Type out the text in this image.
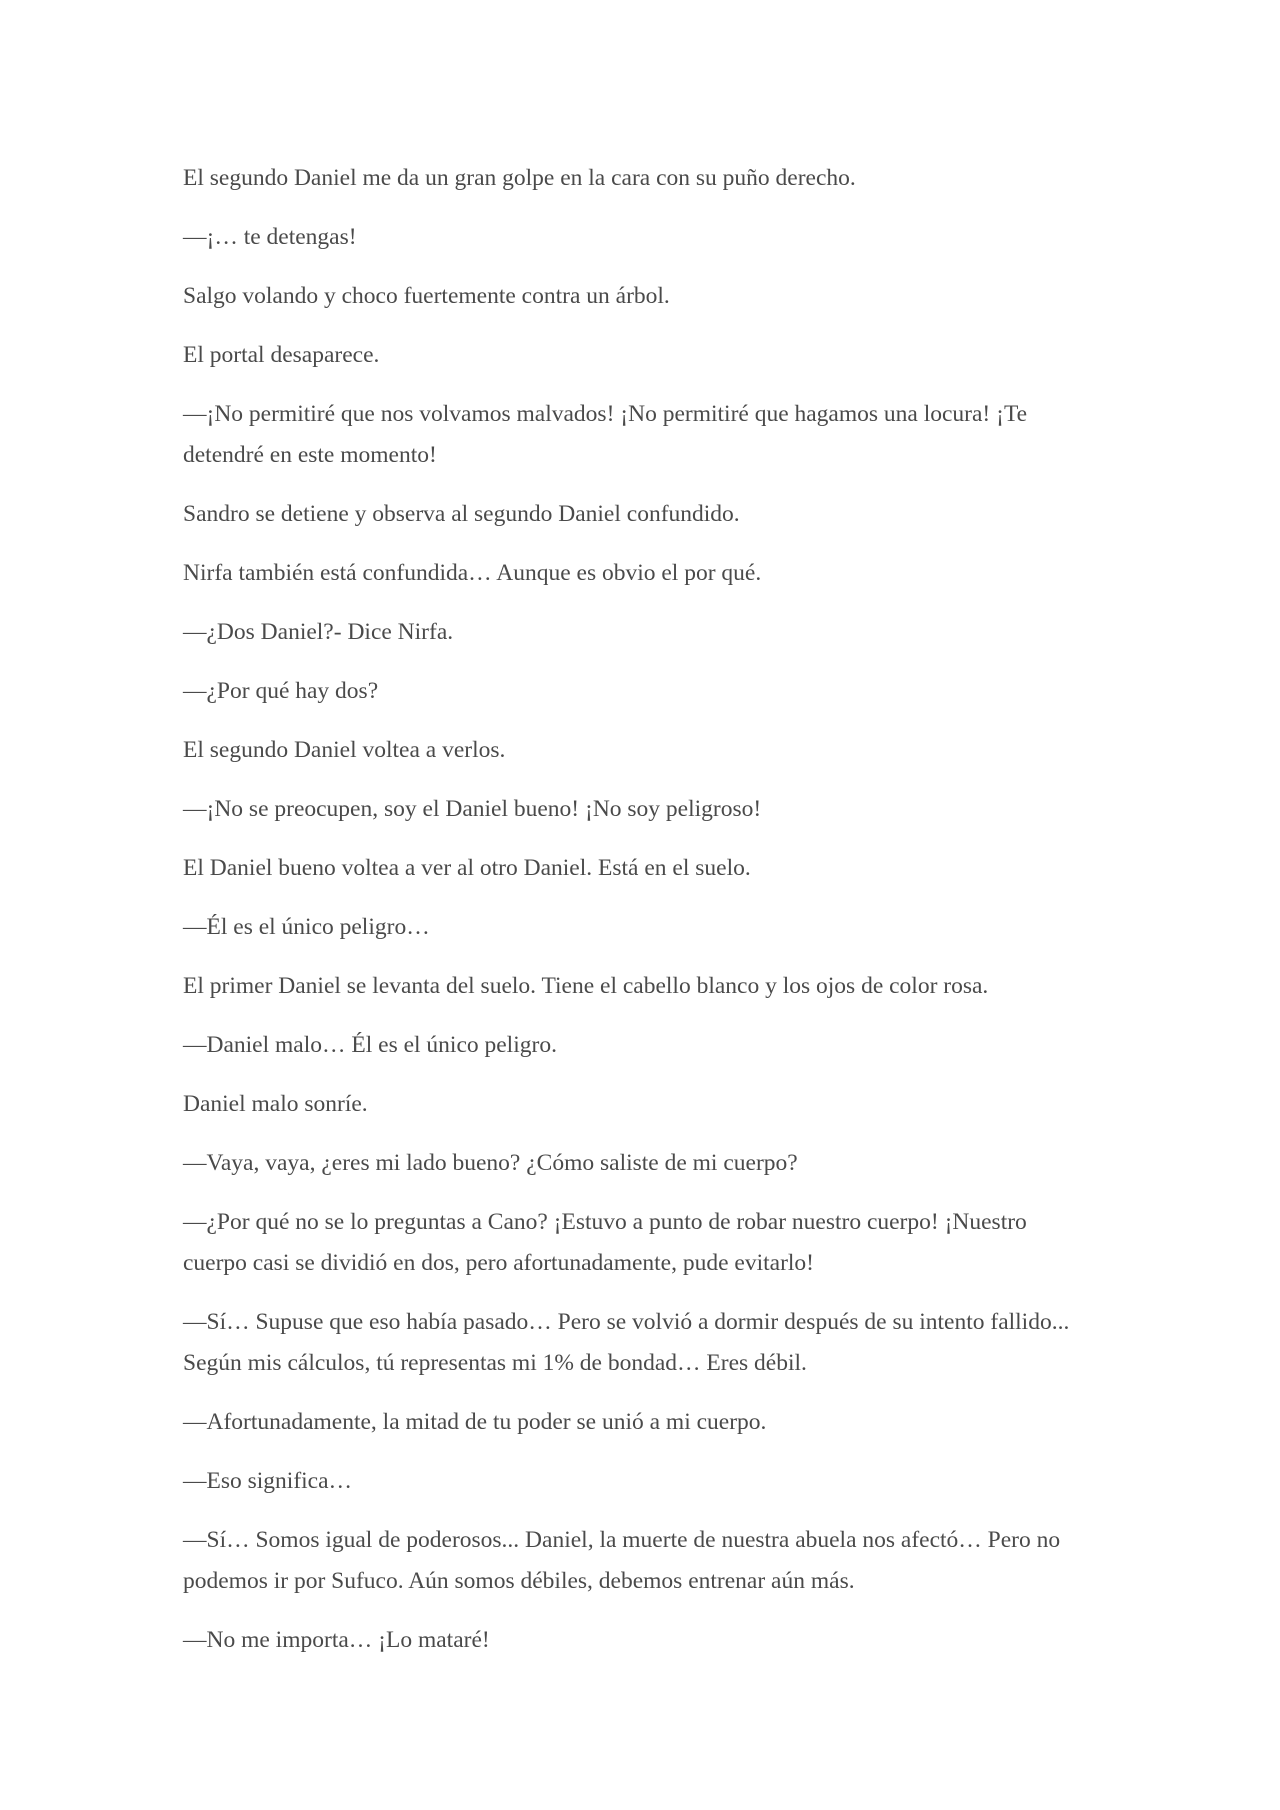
El segundo Daniel me da un gran golpe en la cara con su puño derecho.

—¡… te detengas!

Salgo volando y choco fuertemente contra un árbol.

El portal desaparece.

—¡No permitiré que nos volvamos malvados! ¡No permitiré que hagamos una locura! ¡Te detendré en este momento!

Sandro se detiene y observa al segundo Daniel confundido.

Nirfa también está confundida… Aunque es obvio el por qué.

—¿Dos Daniel?- Dice Nirfa.

—¿Por qué hay dos?

El segundo Daniel voltea a verlos.

—¡No se preocupen, soy el Daniel bueno! ¡No soy peligroso!

El Daniel bueno voltea a ver al otro Daniel. Está en el suelo.

—Él es el único peligro…

El primer Daniel se levanta del suelo. Tiene el cabello blanco y los ojos de color rosa.

—Daniel malo… Él es el único peligro.

Daniel malo sonríe.

—Vaya, vaya, ¿eres mi lado bueno? ¿Cómo saliste de mi cuerpo?

—¿Por qué no se lo preguntas a Cano? ¡Estuvo a punto de robar nuestro cuerpo! ¡Nuestro cuerpo casi se dividió en dos, pero afortunadamente, pude evitarlo!

—Sí… Supuse que eso había pasado… Pero se volvió a dormir después de su intento fallido... Según mis cálculos, tú representas mi 1% de bondad… Eres débil.

—Afortunadamente, la mitad de tu poder se unió a mi cuerpo.

—Eso significa…

—Sí… Somos igual de poderosos... Daniel, la muerte de nuestra abuela nos afectó… Pero no podemos ir por Sufuco. Aún somos débiles, debemos entrenar aún más.

—No me importa… ¡Lo mataré!
